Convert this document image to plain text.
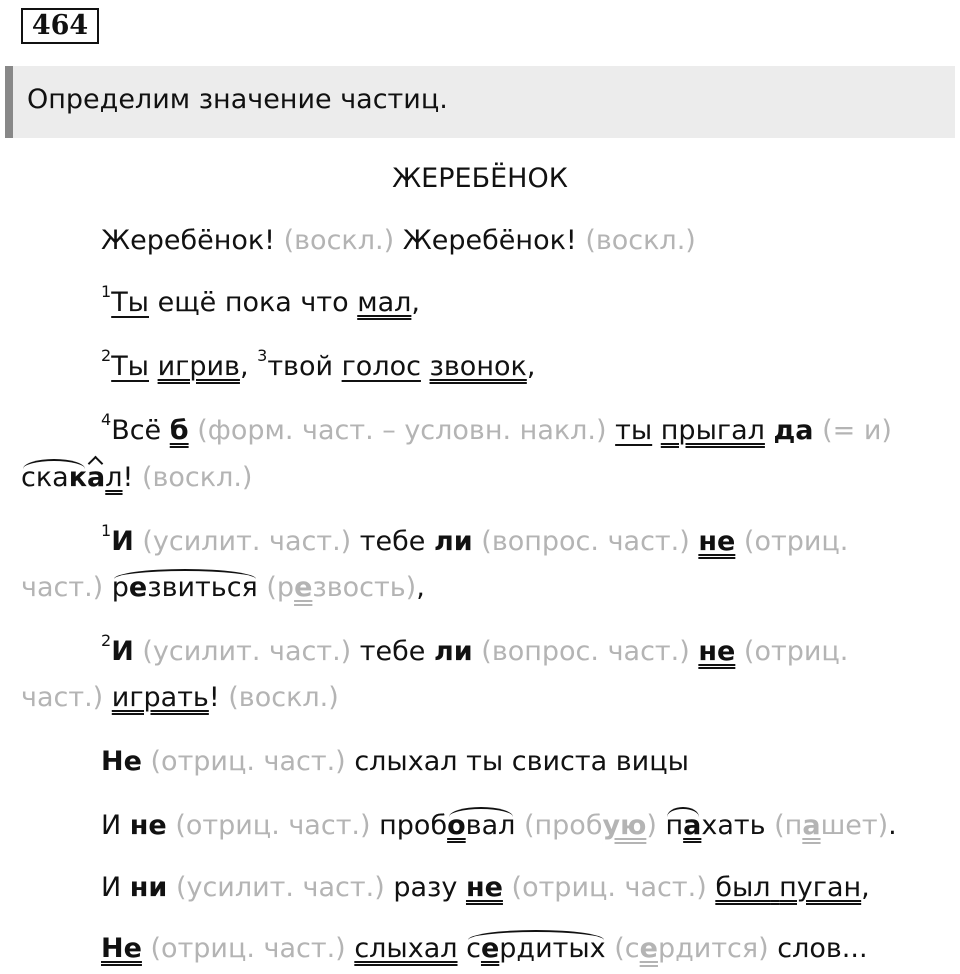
464
Определим значение частиц.
ЖЕРЕБЁНОК
Жеребёнок! (воскл.) Жеребёнок! (воскл.)
$^1$Ты ещё пока что мал,
$^2$Ты игрив, $^3$твой голос звонок,
$^4$Всё б (форм. част. – условн. накл.) ты прыгал да (= и)
скакал! (воскл.)
$^1$И (усилит. част.) тебе ли (вопрос. част.) не (отриц.
част.) резвиться (резвость),
$^2$И (усилит. част.) тебе ли (вопрос. част.) не (отриц.
част.) играть! (воскл.)
Не (отриц. част.) слыхал ты свиста вицы
И не (отриц. част.) пробовал (пробую) пахать (пашет).
И ни (усилит. част.) разу не (отриц. част.) был пуган,
Не (отриц. част.) слыхал сердитых (сердится) слов...
